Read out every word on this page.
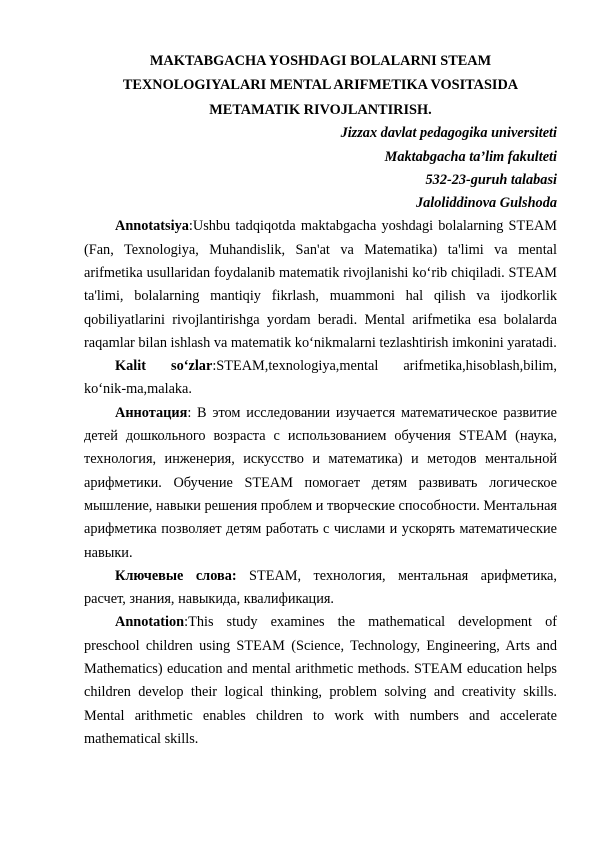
MAKTABGACHA YOSHDAGI BOLALARNI STEAM
TEXNOLOGIYALARI MENTAL ARIFMETIKA VOSITASIDA
METAMATIK RIVOJLANTIRISH.
Jizzax davlat pedagogika universiteti
Maktabgacha ta’lim fakulteti
532-23-guruh talabasi
Jaloliddinova Gulshoda

Annotatsiya:Ushbu tadqiqotda maktabgacha yoshdagi bolalarning STEAM (Fan, Texnologiya, Muhandislik, San'at va Matematika) ta'limi va mental arifmetika usullaridan foydalanib matematik rivojlanishi ko‘rib chiqiladi. STEAM ta'limi, bolalarning mantiqiy fikrlash, muammoni hal qilish va ijodkorlik qobiliyatlarini rivojlantirishga yordam beradi. Mental arifmetika esa bolalarda raqamlar bilan ishlash va matematik ko‘nikmalarni tezlashtirish imkonini yaratadi.

Kalit so‘zlar:STEAM,texnologiya,mental arifmetika,hisoblash,bilim, ko‘nik-ma,malaka.

Аннотация: В этом исследовании изучается математическое развитие детей дошкольного возраста с использованием обучения STEAM (наука, технология, инженерия, искусство и математика) и методов ментальной арифметики. Обучение STEAM помогает детям развивать логическое мышление, навыки решения проблем и творческие способности. Ментальная арифметика позволяет детям работать с числами и ускорять математические навыки.

Ключевые слова: STEAM, технология, ментальная арифметика, расчет, знания, навыкида, квалификация.

Annotation:This study examines the mathematical development of preschool children using STEAM (Science, Technology, Engineering, Arts and Mathematics) education and mental arithmetic methods. STEAM education helps children develop their logical thinking, problem solving and creativity skills. Mental arithmetic enables children to work with numbers and accelerate mathematical skills.
